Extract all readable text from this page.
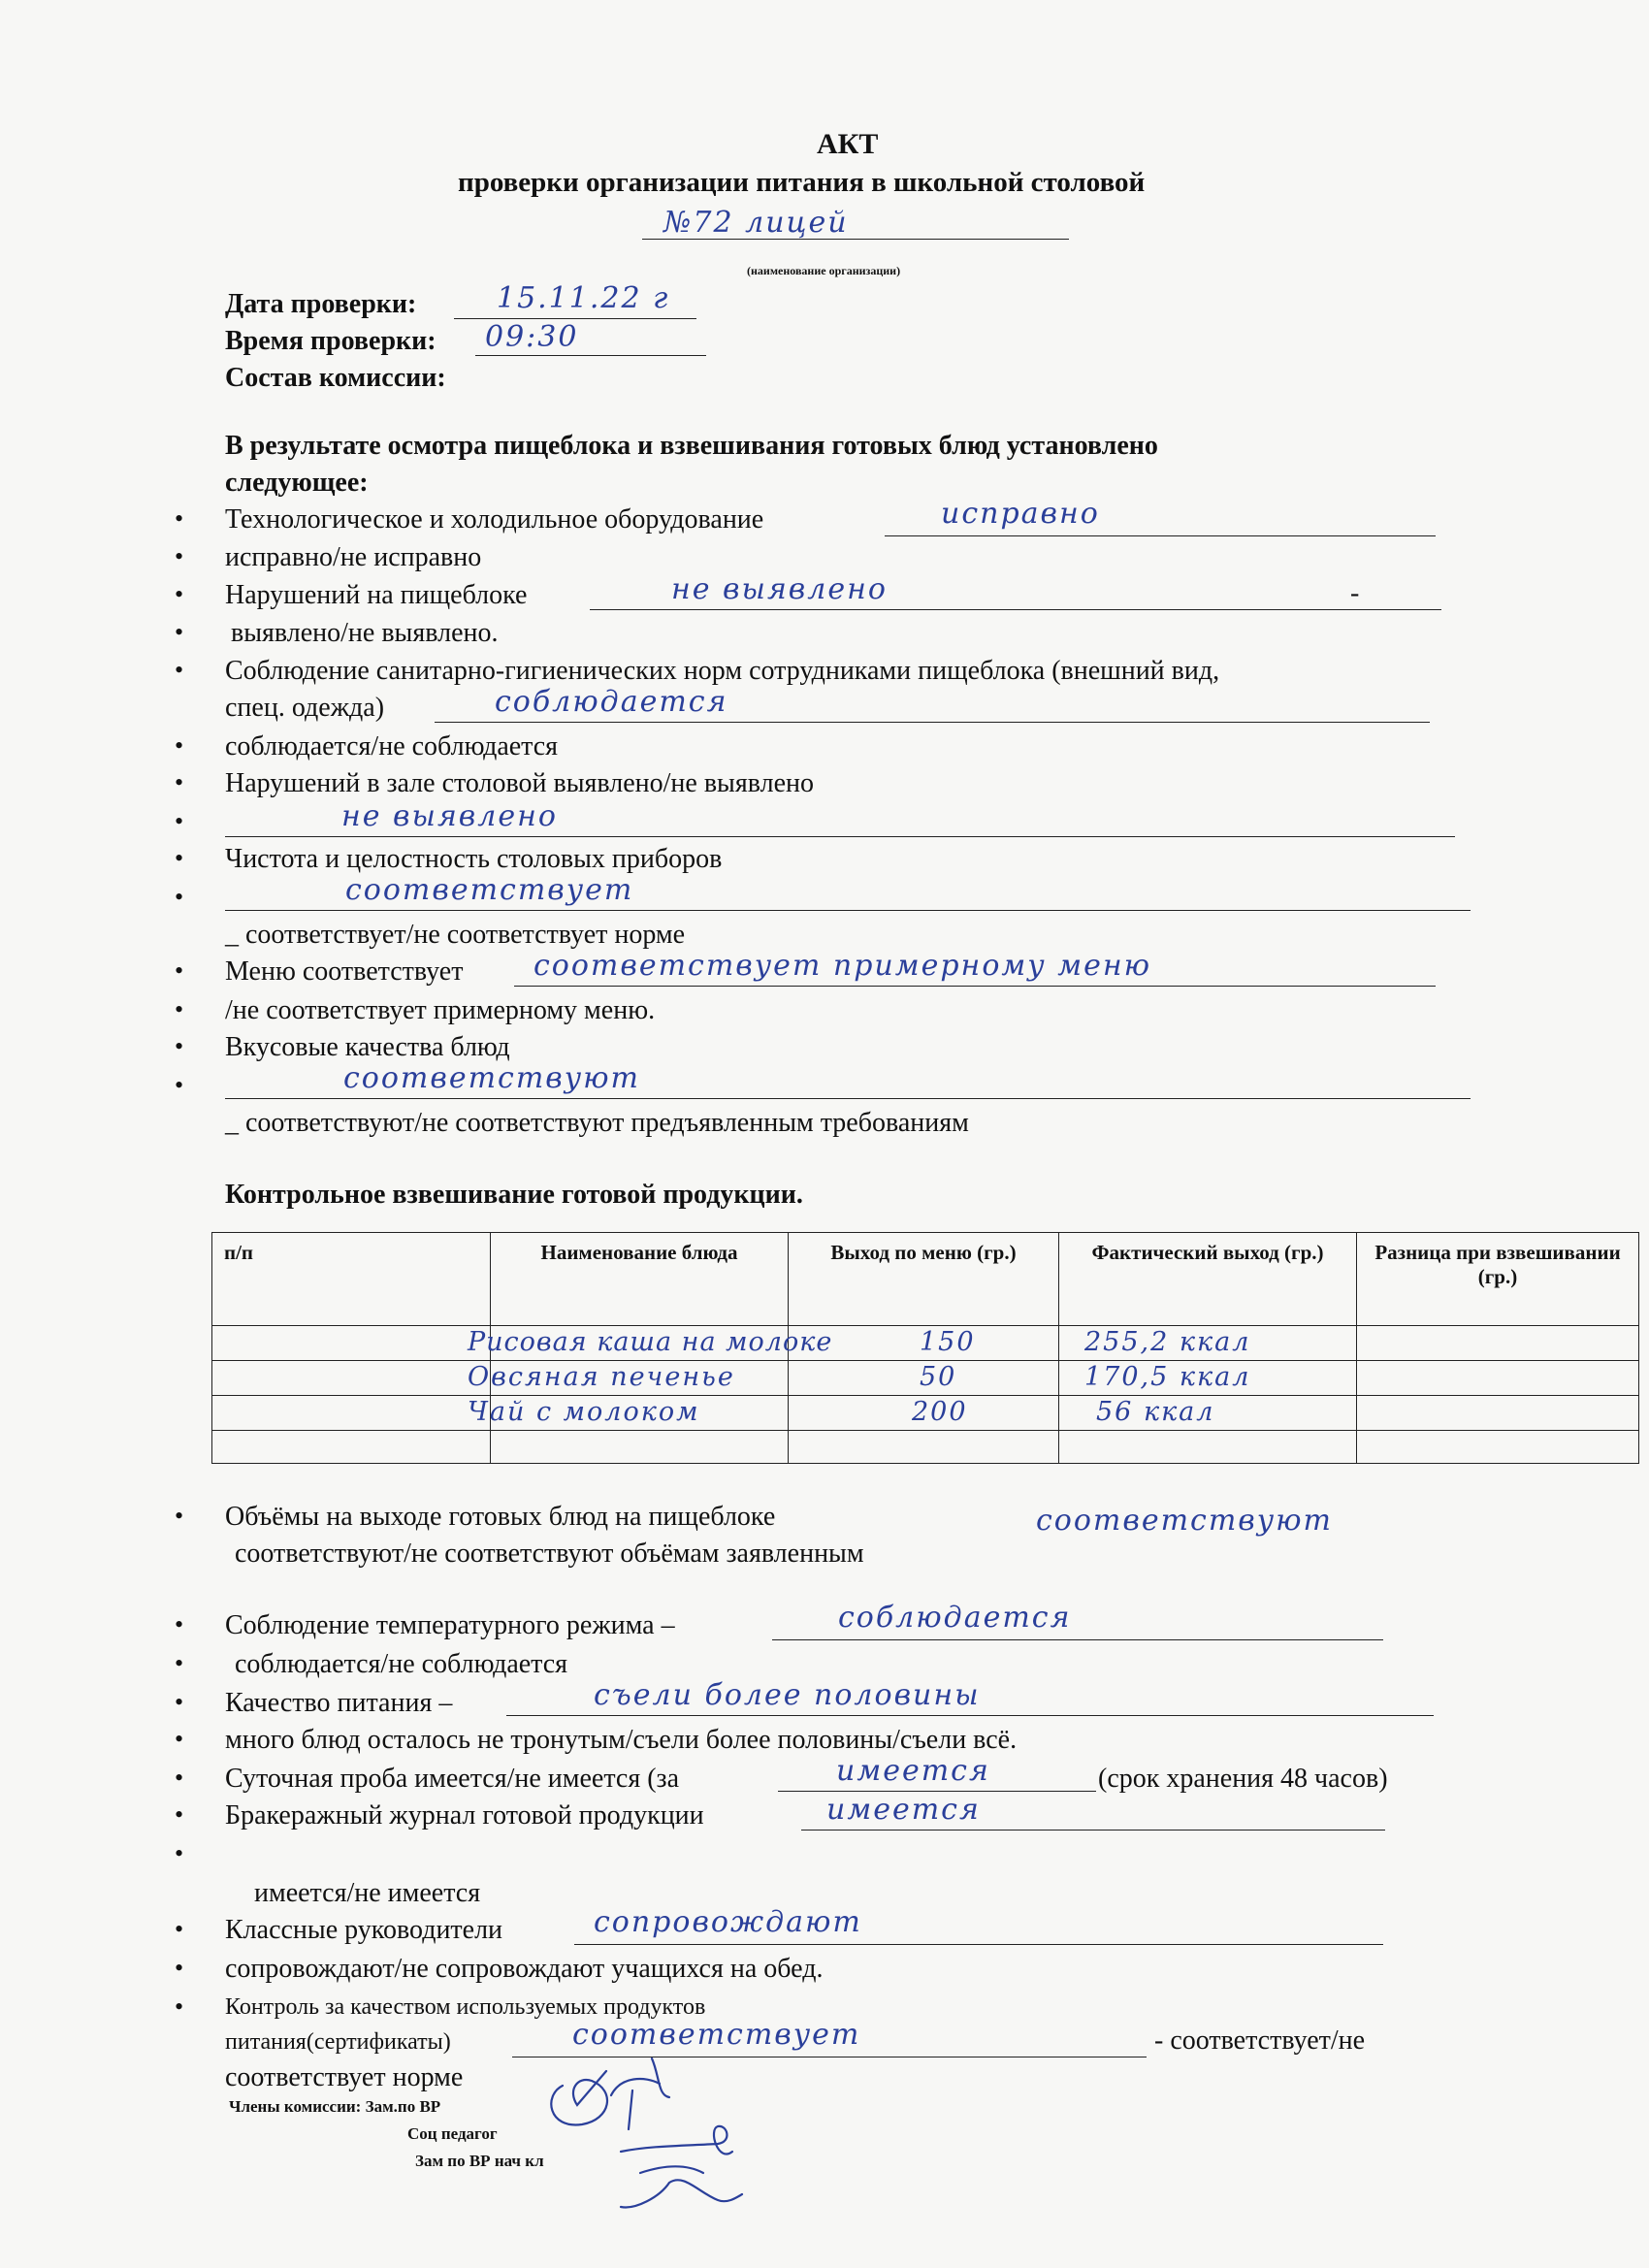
АКТ
проверки организации питания в школьной столовой
№72 лицей
(наименование организации)
Дата проверки:	15.11.22 г
Время проверки: 09:30
Состав комиссии:
В результате осмотра пищеблока и взвешивания готовых блюд установлено
следующее:
• Технологическое и холодильное оборудование	исправно
• исправно/не исправно
• Нарушений на пищеблоке	не выявлено	-
• выявлено/не выявлено.
• Соблюдение санитарно-гигиенических норм сотрудниками пищеблока (внешний вид,
спец. одежда)	соблюдается
• соблюдается/не соблюдается
• Нарушений в зале столовой выявлено/не выявлено
•	не выявлено
• Чистота и целостность столовых приборов
•	соответствует
_ соответствует/не соответствует норме
• Меню соответствует соответствует примерному меню
• /не соответствует примерному меню.
• Вкусовые качества блюд
•	соответствуют
_ соответствуют/не соответствуют предъявленным требованиям
Контрольное взвешивание готовой продукции.
п/п	Наименование блюда	Выход по меню (гр.)	Фактический выход (гр.)	Разница при взвешивании (гр.)

Рисовая каша на молоке	150	255,2 ккал
Овсяная печенье	50	170,5 ккал
Чай с молоком	200	56 ккал
• Объёмы на выходе готовых блюд на пищеблоке
соответствуют/не соответствуют объёмам заявленным
соответствуют
• Соблюдение температурного режима –	соблюдается
• соблюдается/не соблюдается
• Качество питания –	съели более половины
• много блюд осталось не тронутым/съели более половины/съели всё.
• Суточная проба имеется/не имеется (за	имеется	(срок хранения 48 часов)
• Бракеражный журнал готовой продукции	имеется
•
имеется/не имеется
• Классные руководители	сопровождают
• сопровождают/не сопровождают учащихся на обед.
• Контроль за качеством используемых продуктов
питания(сертификаты)	соответствует	- соответствует/не
соответствует норме
Члены комиссии: Зам.по ВР
Соц педагог
Зам по ВР нач кл
